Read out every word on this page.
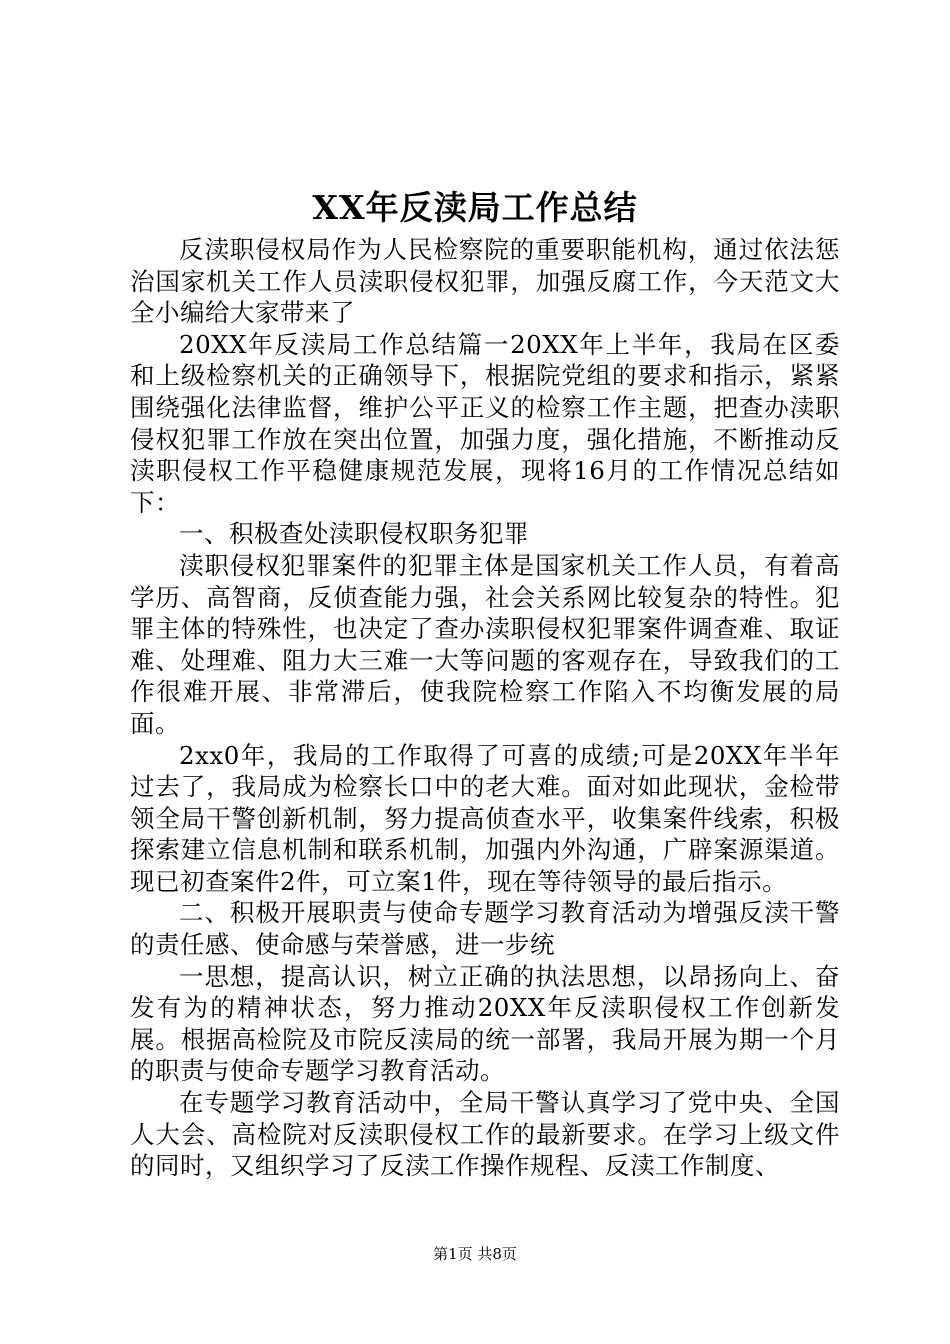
XX年反渎局工作总结

反渎职侵权局作为人民检察院的重要职能机构，通过依法惩治国家机关工作人员渎职侵权犯罪，加强反腐工作，今天范文大全小编给大家带来了

20XX年反渎局工作总结篇一20XX年上半年，我局在区委和上级检察机关的正确领导下，根据院党组的要求和指示，紧紧围绕强化法律监督，维护公平正义的检察工作主题，把查办渎职侵权犯罪工作放在突出位置，加强力度，强化措施，不断推动反渎职侵权工作平稳健康规范发展，现将16月的工作情况总结如下：

一、积极查处渎职侵权职务犯罪

渎职侵权犯罪案件的犯罪主体是国家机关工作人员，有着高学历、高智商，反侦查能力强，社会关系网比较复杂的特性。犯罪主体的特殊性，也决定了查办渎职侵权犯罪案件调查难、取证难、处理难、阻力大三难一大等问题的客观存在，导致我们的工作很难开展、非常滞后，使我院检察工作陷入不均衡发展的局面。

2xx0年，我局的工作取得了可喜的成绩;可是20XX年半年过去了，我局成为检察长口中的老大难。面对如此现状，金检带领全局干警创新机制，努力提高侦查水平，收集案件线索，积极探索建立信息机制和联系机制，加强内外沟通，广辟案源渠道。现已初查案件2件，可立案1件，现在等待领导的最后指示。

二、积极开展职责与使命专题学习教育活动为增强反渎干警的责任感、使命感与荣誉感，进一步统

一思想，提高认识，树立正确的执法思想，以昂扬向上、奋发有为的精神状态，努力推动20XX年反渎职侵权工作创新发展。根据高检院及市院反渎局的统一部署，我局开展为期一个月的职责与使命专题学习教育活动。

在专题学习教育活动中，全局干警认真学习了党中央、全国人大会、高检院对反渎职侵权工作的最新要求。在学习上级文件的同时，又组织学习了反渎工作操作规程、反渎工作制度、

第1页 共8页
